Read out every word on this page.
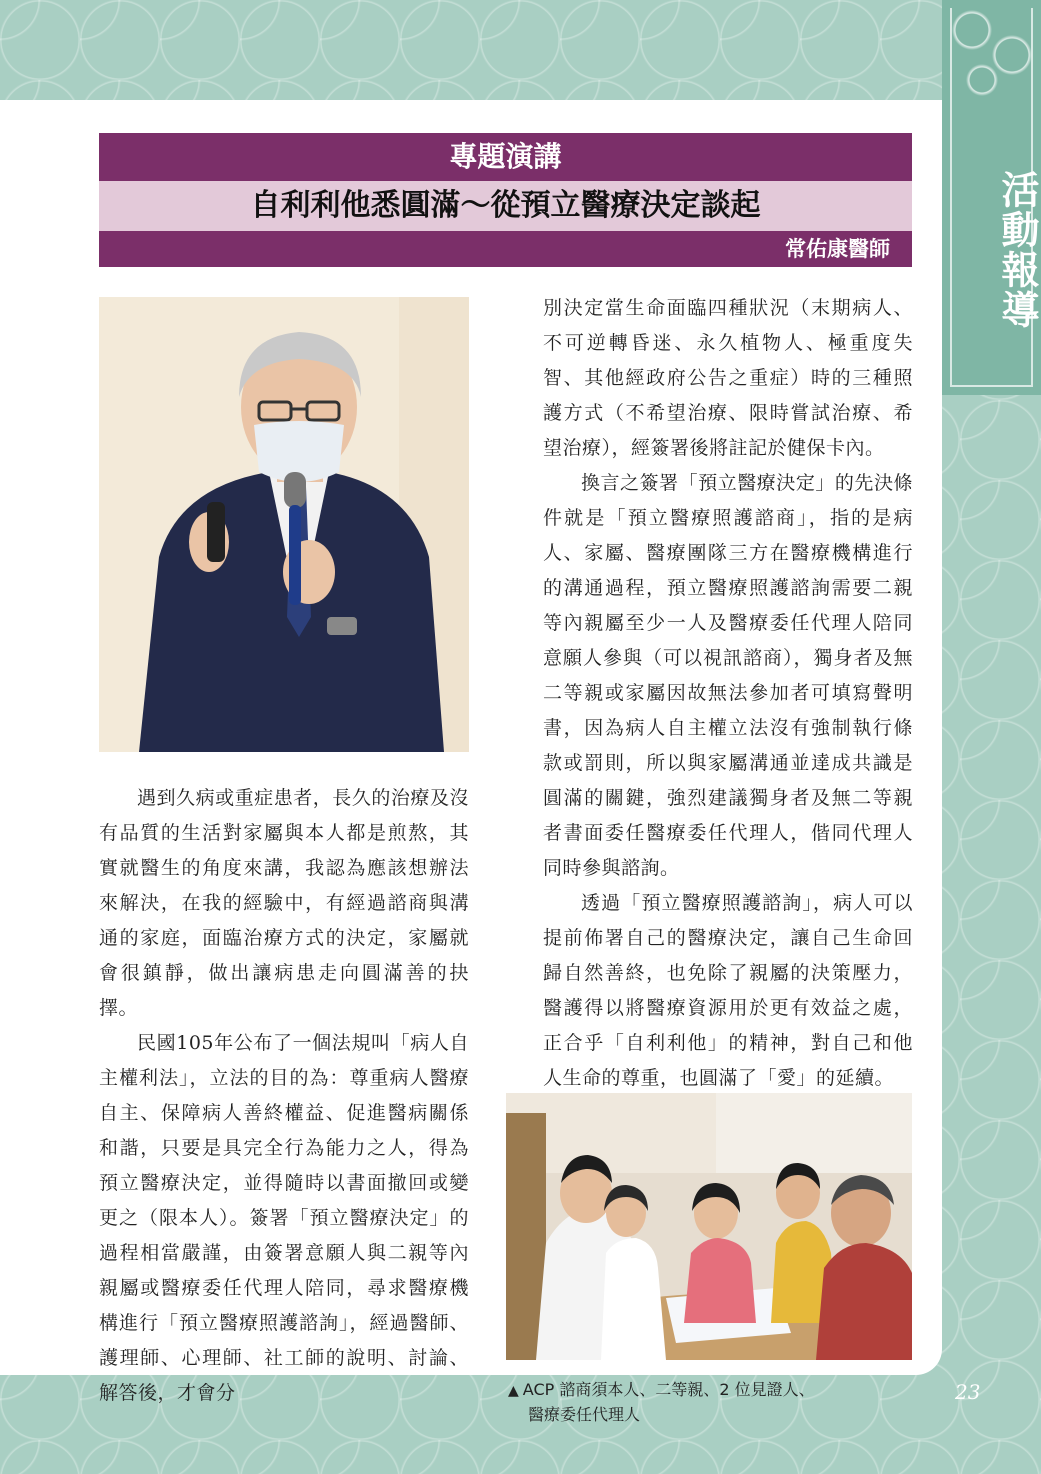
活動報導
23
專題演講
自利利他悉圓滿～從預立醫療決定談起
常佑康醫師

遇到久病或重症患者，長久的治療及沒有品質的生活對家屬與本人都是煎熬，其實就醫生的角度來講，我認為應該想辦法來解決，在我的經驗中，有經過諮商與溝通的家庭，面臨治療方式的決定，家屬就會很鎮靜，做出讓病患走向圓滿善的抉擇。

民國105年公布了一個法規叫「病人自主權利法」，立法的目的為：尊重病人醫療自主、保障病人善終權益、促進醫病關係和諧，只要是具完全行為能力之人，得為預立醫療決定，並得隨時以書面撤回或變更之（限本人）。簽署「預立醫療決定」的過程相當嚴謹，由簽署意願人與二親等內親屬或醫療委任代理人陪同，尋求醫療機構進行「預立醫療照護諮詢」，經過醫師、護理師、心理師、社工師的說明、討論、解答後，才會分

別決定當生命面臨四種狀況（末期病人、不可逆轉昏迷、永久植物人、極重度失智、其他經政府公告之重症）時的三種照護方式（不希望治療、限時嘗試治療、希望治療），經簽署後將註記於健保卡內。

換言之簽署「預立醫療決定」的先決條件就是「預立醫療照護諮商」，指的是病人、家屬、醫療團隊三方在醫療機構進行的溝通過程，預立醫療照護諮詢需要二親等內親屬至少一人及醫療委任代理人陪同意願人參與（可以視訊諮商），獨身者及無二等親或家屬因故無法參加者可填寫聲明書，因為病人自主權立法沒有強制執行條款或罰則，所以與家屬溝通並達成共識是圓滿的關鍵，強烈建議獨身者及無二等親者書面委任醫療委任代理人，偕同代理人同時參與諮詢。

透過「預立醫療照護諮詢」，病人可以提前佈署自己的醫療決定，讓自己生命回歸自然善終，也免除了親屬的決策壓力，醫護得以將醫療資源用於更有效益之處，正合乎「自利利他」的精神，對自己和他人生命的尊重，也圓滿了「愛」的延續。

▲ ACP 諮商須本人、二等親、2 位見證人、
醫療委任代理人
